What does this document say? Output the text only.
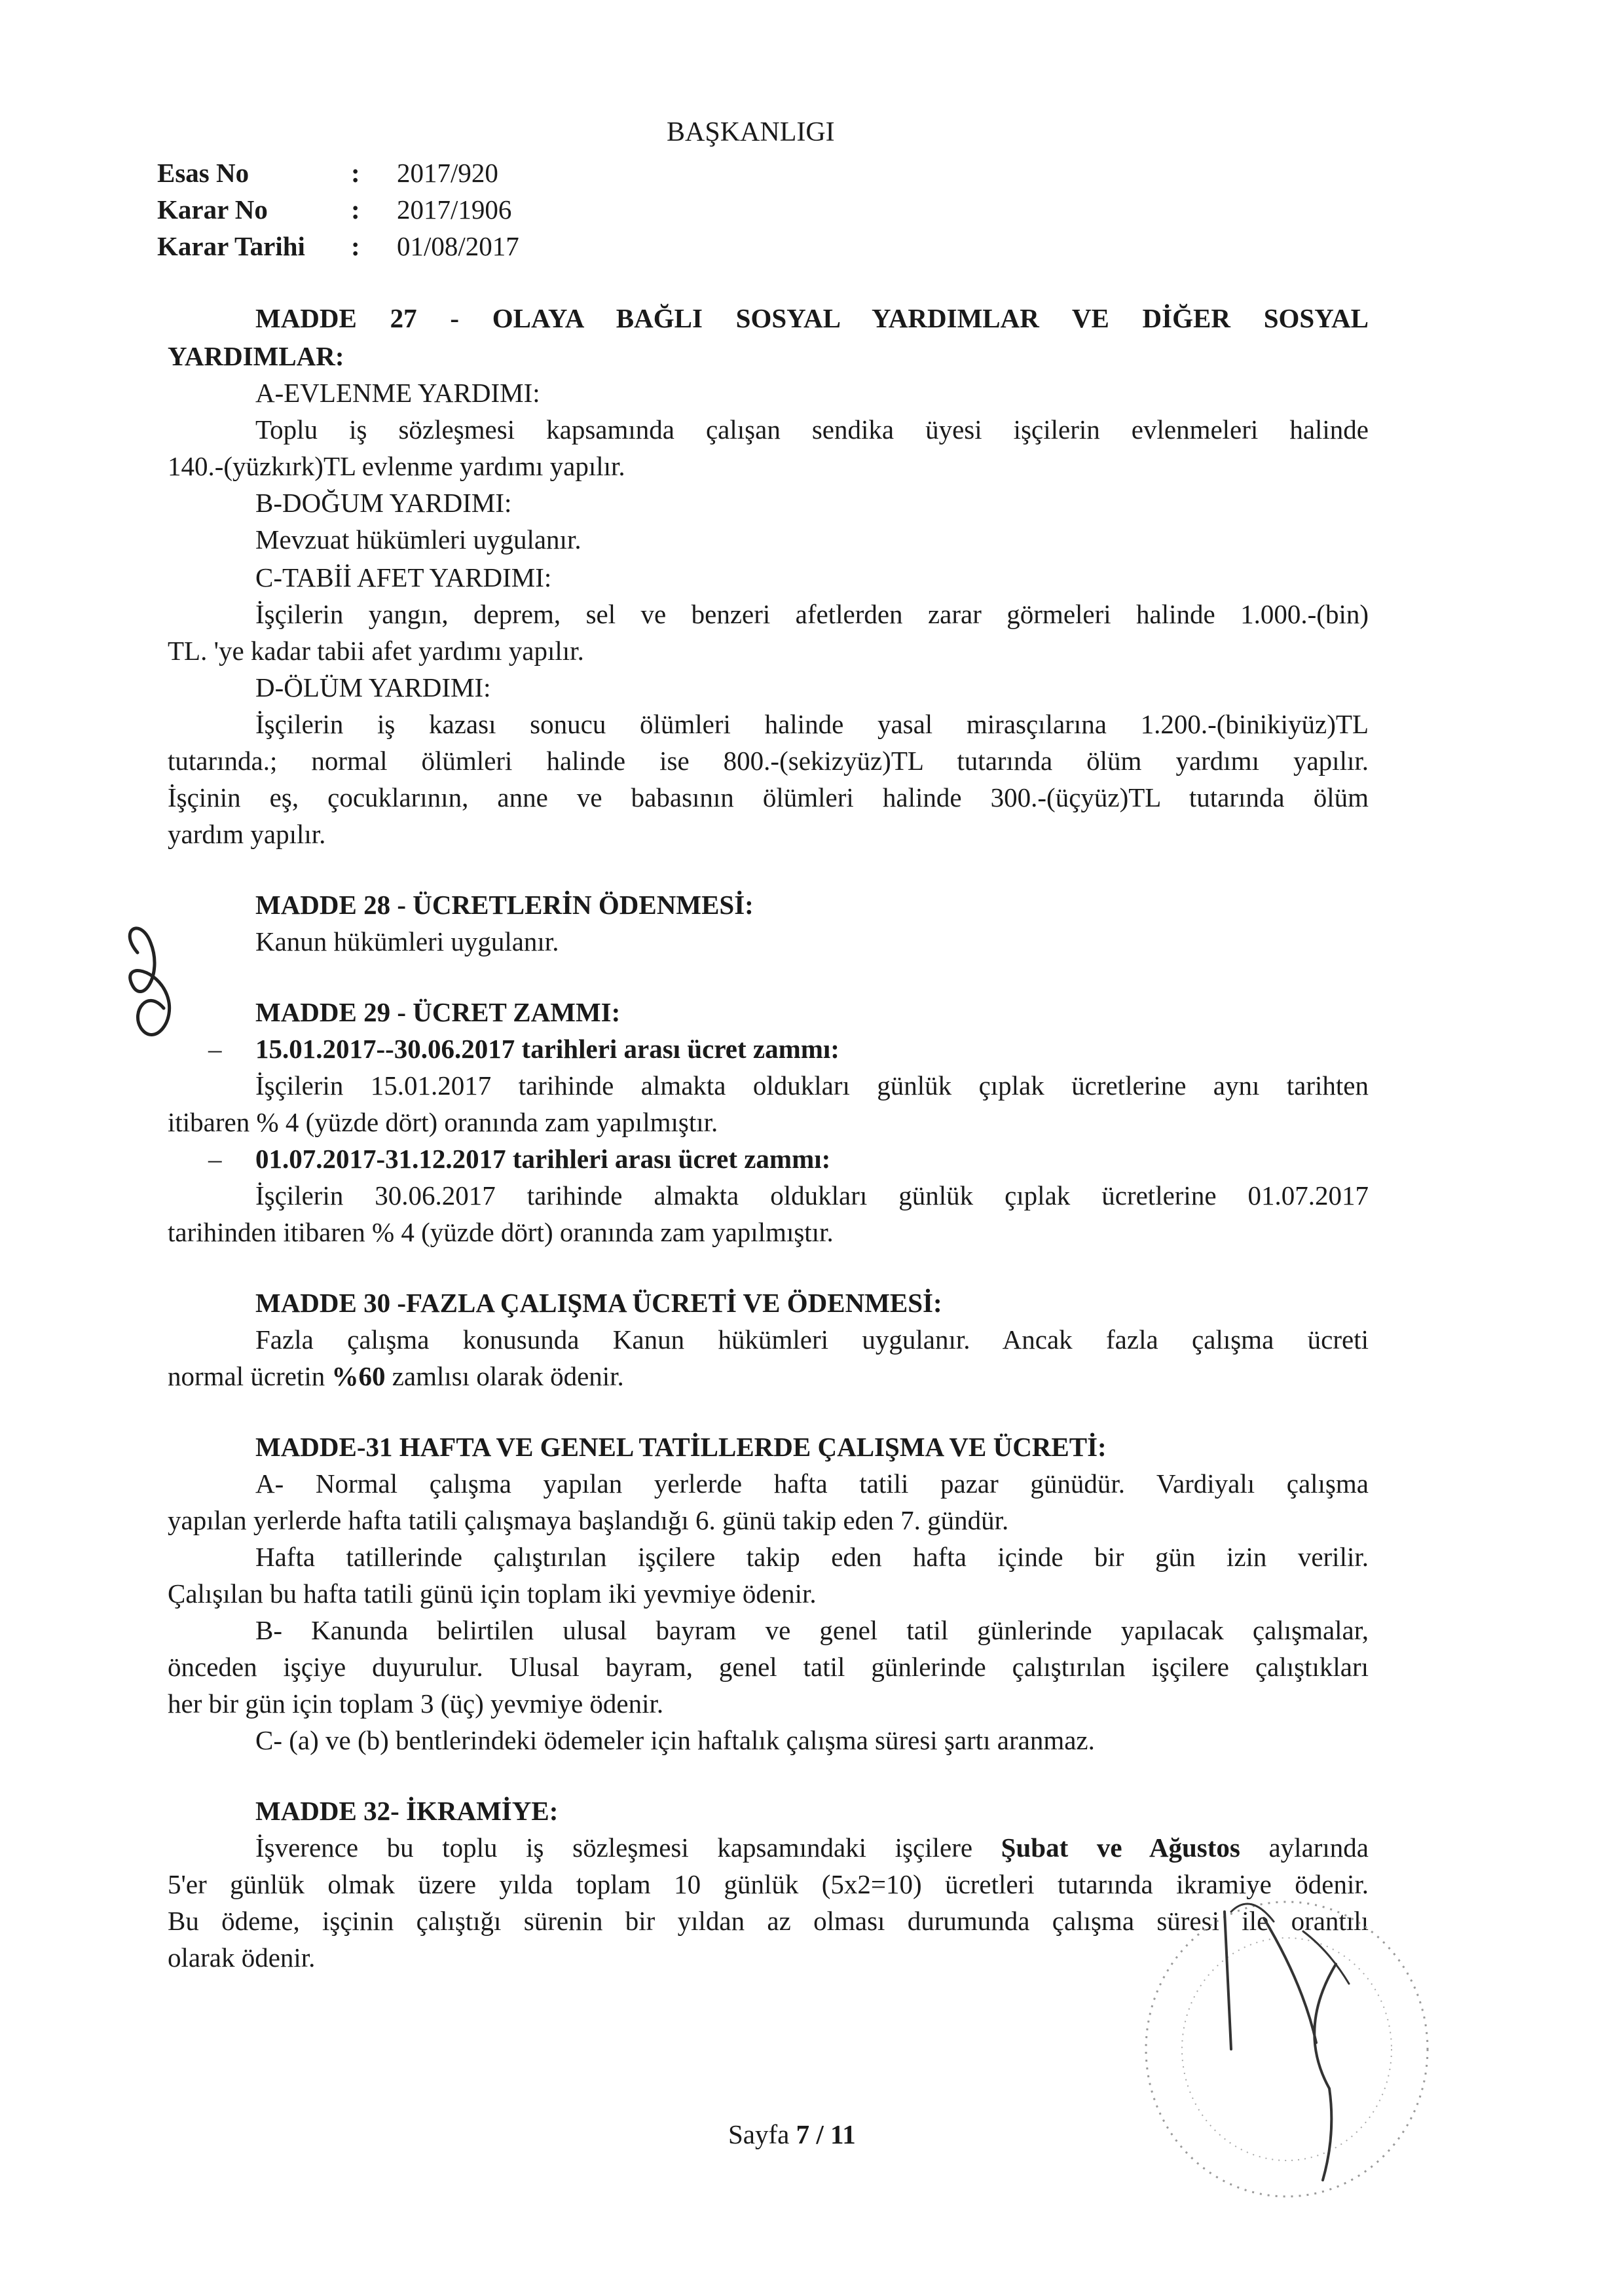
BAŞKANLIGI
Esas No	: 2017/920
Karar No	: 2017/1906
Karar Tarihi : 01/08/2017
MADDE 27 - OLAYA BAĞLI SOSYAL YARDIMLAR VE DİĞER SOSYAL
YARDIMLAR:
A-EVLENME YARDIMI:
Toplu iş sözleşmesi kapsamında çalışan sendika üyesi işçilerin evlenmeleri halinde
140.-(yüzkırk)TL evlenme yardımı yapılır.
B-DOĞUM YARDIMI:
Mevzuat hükümleri uygulanır.
C-TABİİ AFET YARDIMI:
İşçilerin yangın, deprem, sel ve benzeri afetlerden zarar görmeleri halinde 1.000.-(bin)
TL. 'ye kadar tabii afet yardımı yapılır.
D-ÖLÜM YARDIMI:
İşçilerin iş kazası sonucu ölümleri halinde yasal mirasçılarına 1.200.-(binikiyüz)TL
tutarında.; normal ölümleri halinde ise 800.-(sekizyüz)TL tutarında ölüm yardımı yapılır.
İşçinin eş, çocuklarının, anne ve babasının ölümleri halinde 300.-(üçyüz)TL tutarında ölüm
yardım yapılır.
MADDE 28 - ÜCRETLERİN ÖDENMESİ:
Kanun hükümleri uygulanır.
MADDE 29 - ÜCRET ZAMMI:
– 15.01.2017--30.06.2017 tarihleri arası ücret zammı:
İşçilerin 15.01.2017 tarihinde almakta oldukları günlük çıplak ücretlerine aynı tarihten
itibaren % 4 (yüzde dört) oranında zam yapılmıştır.
– 01.07.2017-31.12.2017 tarihleri arası ücret zammı:
İşçilerin 30.06.2017 tarihinde almakta oldukları günlük çıplak ücretlerine 01.07.2017
tarihinden itibaren % 4 (yüzde dört) oranında zam yapılmıştır.
MADDE 30 -FAZLA ÇALIŞMA ÜCRETİ VE ÖDENMESİ:
Fazla çalışma konusunda Kanun hükümleri uygulanır. Ancak fazla çalışma ücreti
normal ücretin %60 zamlısı olarak ödenir.
MADDE-31 HAFTA VE GENEL TATİLLERDE ÇALIŞMA VE ÜCRETİ:
A- Normal çalışma yapılan yerlerde hafta tatili pazar günüdür. Vardiyalı çalışma
yapılan yerlerde hafta tatili çalışmaya başlandığı 6. günü takip eden 7. gündür.
Hafta tatillerinde çalıştırılan işçilere takip eden hafta içinde bir gün izin verilir.
Çalışılan bu hafta tatili günü için toplam iki yevmiye ödenir.
B- Kanunda belirtilen ulusal bayram ve genel tatil günlerinde yapılacak çalışmalar,
önceden işçiye duyurulur. Ulusal bayram, genel tatil günlerinde çalıştırılan işçilere çalıştıkları
her bir gün için toplam 3 (üç) yevmiye ödenir.
C- (a) ve (b) bentlerindeki ödemeler için haftalık çalışma süresi şartı aranmaz.
MADDE 32- İKRAMİYE:
İşverence bu toplu iş sözleşmesi kapsamındaki işçilere Şubat ve Ağustos aylarında
5'er günlük olmak üzere yılda toplam 10 günlük (5x2=10) ücretleri tutarında ikramiye ödenir.
Bu ödeme, işçinin çalıştığı sürenin bir yıldan az olması durumunda çalışma süresi ile orantılı
olarak ödenir.
Sayfa 7 / 11
